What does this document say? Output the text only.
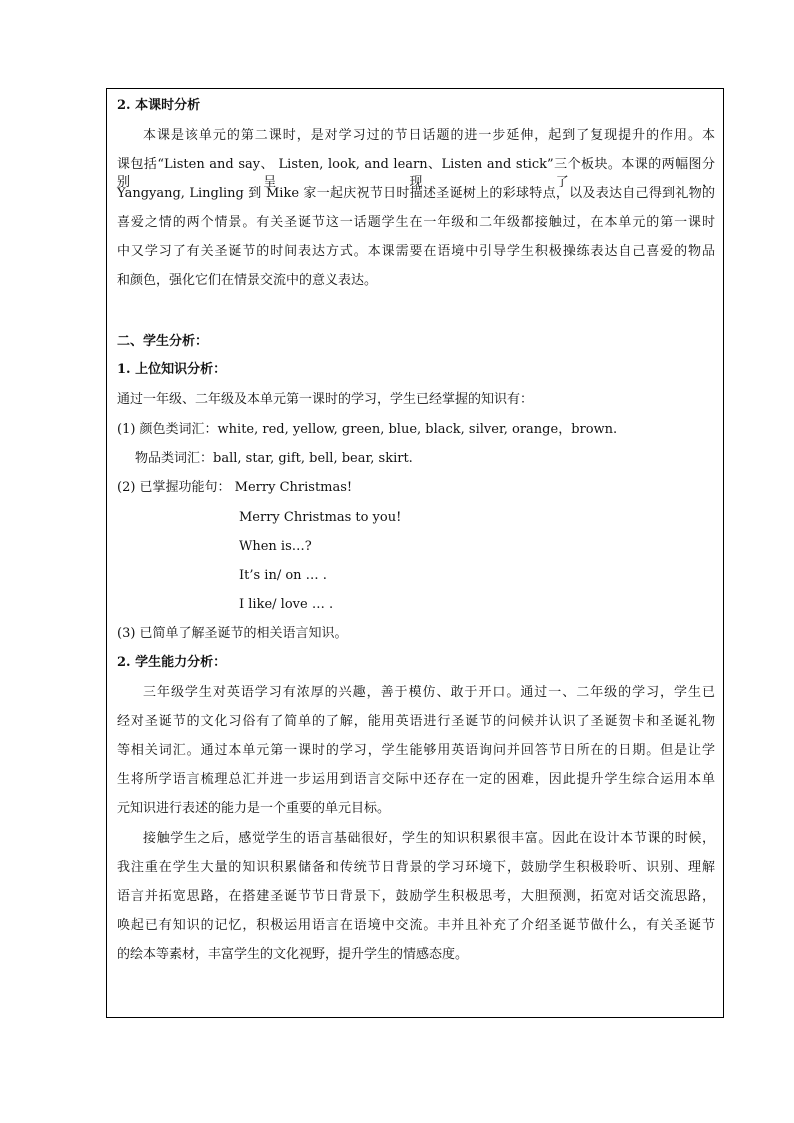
2. 本课时分析
本课是该单元的第二课时，是对学习过的节日话题的进一步延伸，起到了复现提升的作用。本
课包括“Listen and say、 Listen, look, and learn、Listen and stick”三个板块。本课的两幅图分别呈现了，
Yangyang, Lingling 到 Mike 家一起庆祝节日时描述圣诞树上的彩球特点，以及表达自己得到礼物的
喜爱之情的两个情景。有关圣诞节这一话题学生在一年级和二年级都接触过，在本单元的第一课时
中又学习了有关圣诞节的时间表达方式。本课需要在语境中引导学生积极操练表达自己喜爱的物品
和颜色，强化它们在情景交流中的意义表达。
二、学生分析：
1. 上位知识分析：
通过一年级、二年级及本单元第一课时的学习，学生已经掌握的知识有：
(1) 颜色类词汇：white, red, yellow, green, blue, black, silver, orange，brown.
物品类词汇：ball, star, gift, bell, bear, skirt.
(2) 已掌握功能句： Merry Christmas!
Merry Christmas to you!
When is…?
It’s in/ on … .
I like/ love … .
(3) 已简单了解圣诞节的相关语言知识。
2. 学生能力分析：
三年级学生对英语学习有浓厚的兴趣，善于模仿、敢于开口。通过一、二年级的学习，学生已
经对圣诞节的文化习俗有了简单的了解，能用英语进行圣诞节的问候并认识了圣诞贺卡和圣诞礼物
等相关词汇。通过本单元第一课时的学习，学生能够用英语询问并回答节日所在的日期。但是让学
生将所学语言梳理总汇并进一步运用到语言交际中还存在一定的困难，因此提升学生综合运用本单
元知识进行表述的能力是一个重要的单元目标。
接触学生之后，感觉学生的语言基础很好，学生的知识积累很丰富。因此在设计本节课的时候，
我注重在学生大量的知识积累储备和传统节日背景的学习环境下，鼓励学生积极聆听、识别、理解
语言并拓宽思路，在搭建圣诞节节日背景下，鼓励学生积极思考，大胆预测，拓宽对话交流思路，
唤起已有知识的记忆，积极运用语言在语境中交流。丰并且补充了介绍圣诞节做什么，有关圣诞节
的绘本等素材，丰富学生的文化视野，提升学生的情感态度。
